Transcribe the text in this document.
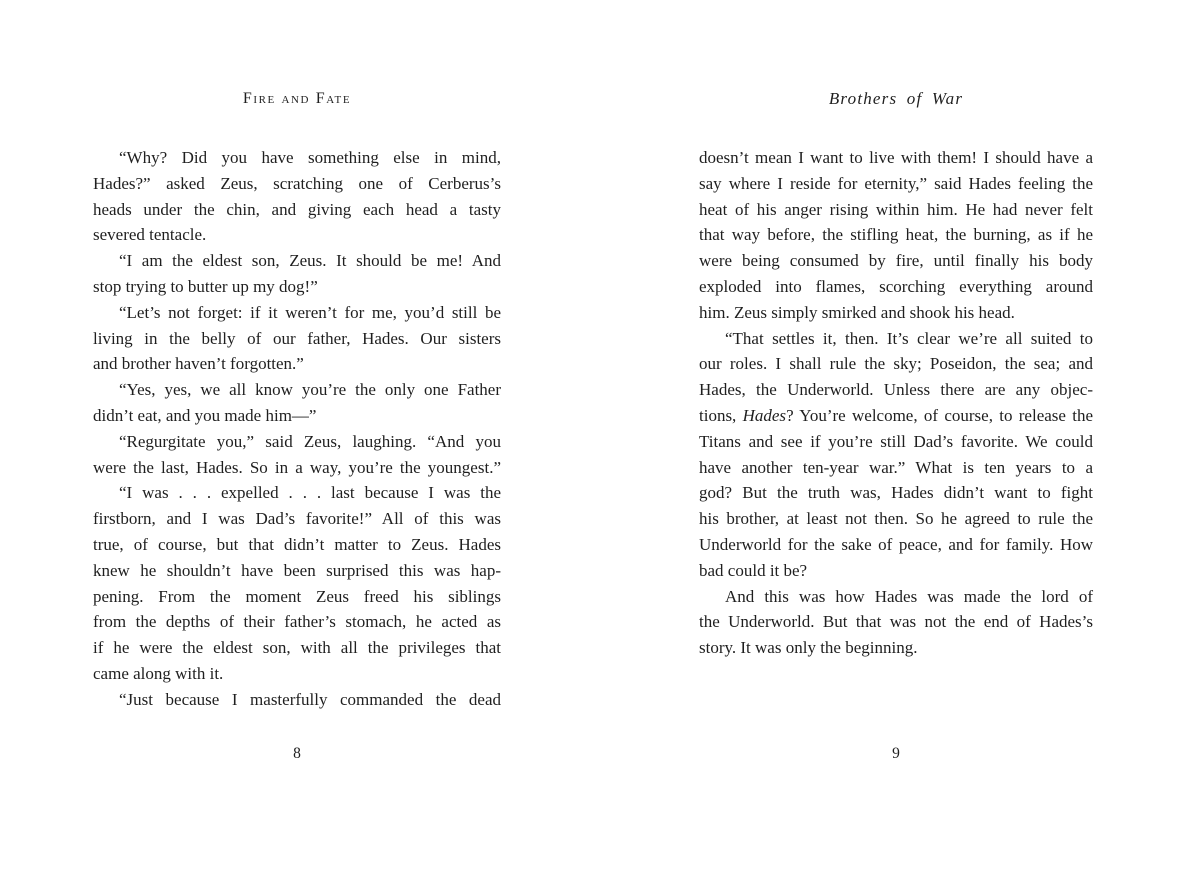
Fire and Fate
“Why? Did you have something else in mind,
Hades?” asked Zeus, scratching one of Cerberus’s
heads under the chin, and giving each head a tasty
severed tentacle.
“I am the eldest son, Zeus. It should be me! And
stop trying to butter up my dog!”
“Let’s not forget: if it weren’t for me, you’d still be
living in the belly of our father, Hades. Our sisters
and brother haven’t forgotten.”
“Yes, yes, we all know you’re the only one Father
didn’t eat, and you made him—”
“Regurgitate you,” said Zeus, laughing. “And you
were the last, Hades. So in a way, you’re the youngest.”
“I was . . . expelled . . . last because I was the
firstborn, and I was Dad’s favorite!” All of this was
true, of course, but that didn’t matter to Zeus. Hades
knew he shouldn’t have been surprised this was hap-
pening. From the moment Zeus freed his siblings
from the depths of their father’s stomach, he acted as
if he were the eldest son, with all the privileges that
came along with it.
“Just because I masterfully commanded the dead
8
Brothers of War
doesn’t mean I want to live with them! I should have a
say where I reside for eternity,” said Hades feeling the
heat of his anger rising within him. He had never felt
that way before, the stifling heat, the burning, as if he
were being consumed by fire, until finally his body
exploded into flames, scorching everything around
him. Zeus simply smirked and shook his head.
“That settles it, then. It’s clear we’re all suited to
our roles. I shall rule the sky; Poseidon, the sea; and
Hades, the Underworld. Unless there are any objec-
tions, Hades? You’re welcome, of course, to release the
Titans and see if you’re still Dad’s favorite. We could
have another ten-year war.” What is ten years to a
god? But the truth was, Hades didn’t want to fight
his brother, at least not then. So he agreed to rule the
Underworld for the sake of peace, and for family. How
bad could it be?
And this was how Hades was made the lord of
the Underworld. But that was not the end of Hades’s
story. It was only the beginning.
9
